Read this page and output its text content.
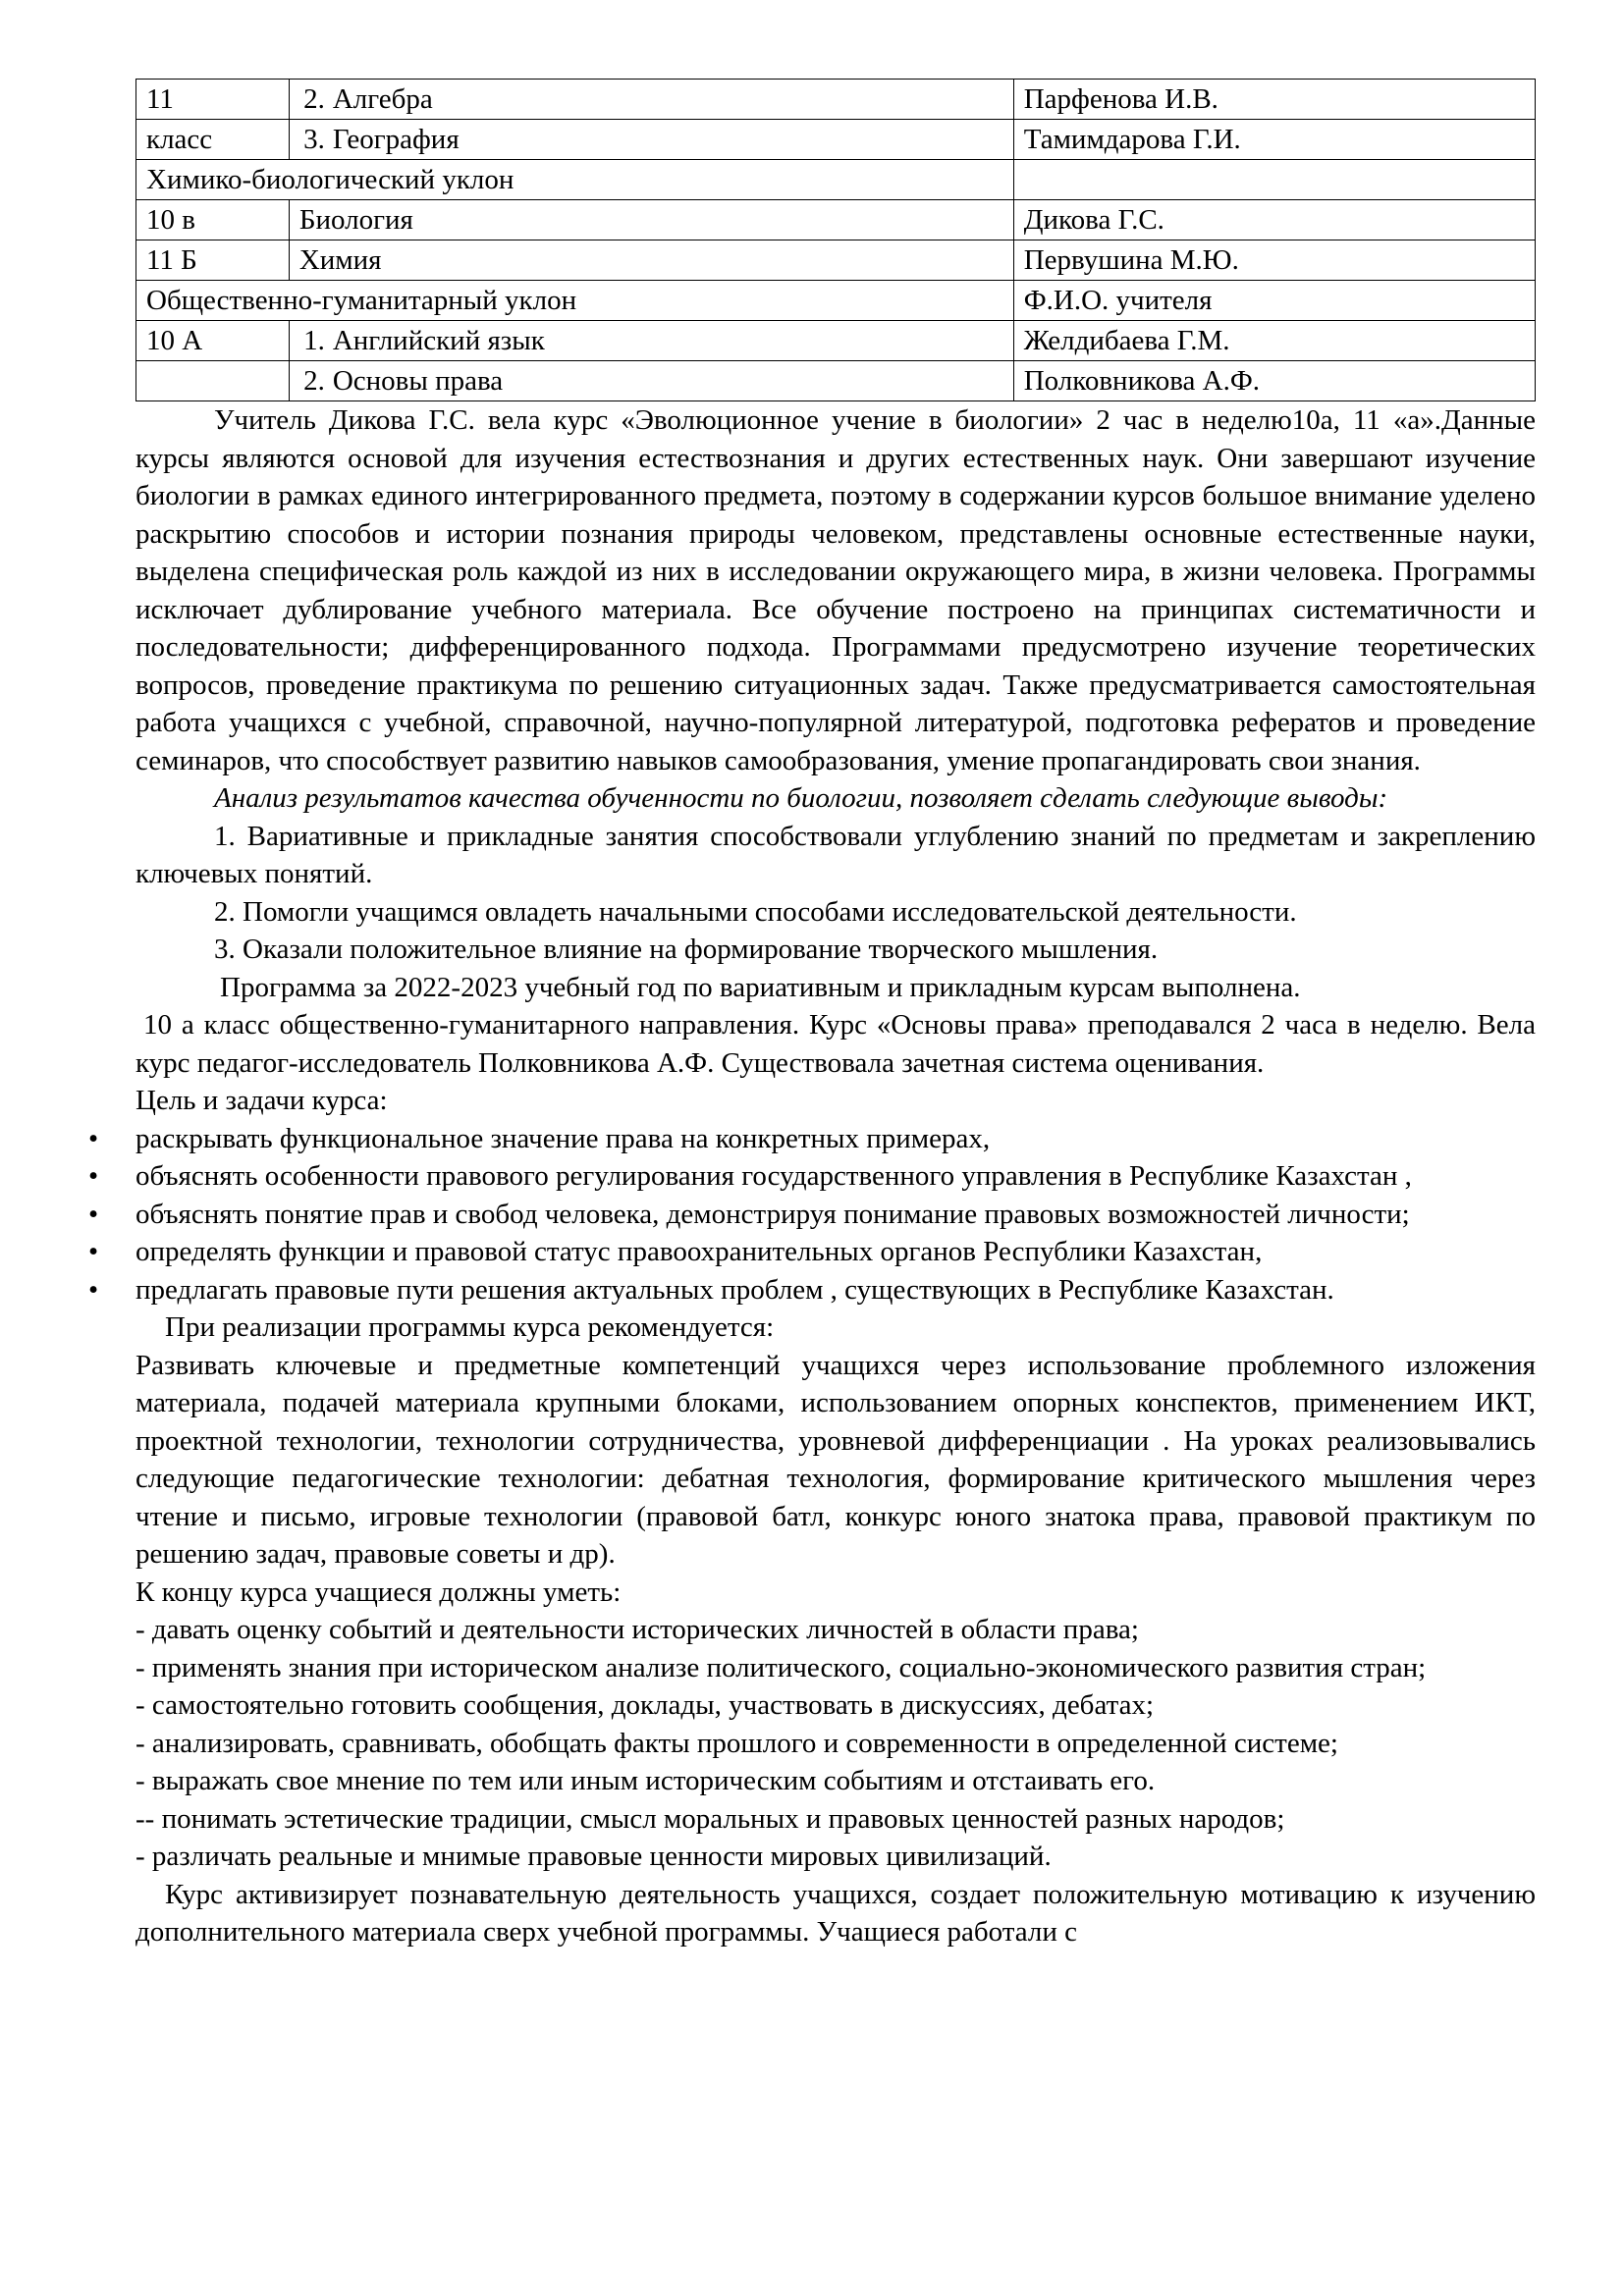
11	2. Алгебра	Парфенова И.В.
класс	3. География	Тамимдарова Г.И.
Химико-биологический уклон		
10 в	Биология	Дикова Г.С.
11 Б	Химия	Первушина М.Ю.
Общественно-гуманитарный уклон		Ф.И.О. учителя
10 А	1. Английский язык	Желдибаева Г.М.
	2. Основы права	Полковникова А.Ф.

Учитель Дикова Г.С. вела курс «Эволюционное учение в биологии» 2 час в неделю10а, 11 «а».Данные курсы являются основой для изучения естествознания и других естественных наук. Они завершают изучение биологии в рамках единого интегрированного предмета, поэтому в содержании курсов большое внимание уделено раскрытию способов и истории познания природы человеком, представлены основные естественные науки, выделена специфическая роль каждой из них в исследовании окружающего мира, в жизни человека. Программы исключает дублирование учебного материала. Все обучение построено на принципах систематичности и последовательности; дифференцированного подхода. Программами предусмотрено изучение теоретических вопросов, проведение практикума по решению ситуационных задач. Также предусматривается самостоятельная работа учащихся с учебной, справочной, научно-популярной литературой, подготовка рефератов и проведение семинаров, что способствует развитию навыков самообразования, умение пропагандировать свои знания.

Анализ результатов качества обученности по биологии, позволяет сделать следующие выводы:

1. Вариативные и прикладные занятия способствовали углублению знаний по предметам и закреплению ключевых понятий.

2. Помогли учащимся овладеть начальными способами исследовательской деятельности.

3. Оказали положительное влияние на формирование творческого мышления.

Программа за 2022-2023 учебный год по вариативным и прикладным курсам выполнена.

10 а класс общественно-гуманитарного направления. Курс «Основы права» преподавался 2 часа в неделю. Вела курс педагог-исследователь Полковникова А.Ф. Существовала зачетная система оценивания.

Цель и задачи курса:

• раскрывать функциональное значение права на конкретных примерах,
• объяснять особенности правового регулирования государственного управления в Республике Казахстан ,
• объяснять понятие прав и свобод человека, демонстрируя понимание правовых возможностей личности;
• определять функции и правовой статус правоохранительных органов Республики Казахстан,
• предлагать правовые пути решения актуальных проблем , существующих в Республике Казахстан.

При реализации программы курса рекомендуется:

Развивать ключевые и предметные компетенций учащихся через использование проблемного изложения материала, подачей материала крупными блоками, использованием опорных конспектов, применением ИКТ, проектной технологии, технологии сотрудничества, уровневой дифференциации . На уроках реализовывались следующие педагогические технологии: дебатная технология, формирование критического мышления через чтение и письмо, игровые технологии (правовой батл, конкурс юного знатока права, правовой практикум по решению задач, правовые советы и др).

К концу курса учащиеся должны уметь:

- давать оценку событий и деятельности исторических личностей в области права;

- применять знания при историческом анализе политического, социально-экономического развития стран;

- самостоятельно готовить сообщения, доклады, участвовать в дискуссиях, дебатах;

- анализировать, сравнивать, обобщать факты прошлого и современности в определенной системе;

- выражать свое мнение по тем или иным историческим событиям и отстаивать его.

-- понимать эстетические традиции, смысл моральных и правовых ценностей разных народов;

- различать реальные и мнимые правовые ценности мировых цивилизаций.

Курс активизирует познавательную деятельность учащихся, создает положительную мотивацию к изучению дополнительного материала сверх учебной программы. Учащиеся работали с
